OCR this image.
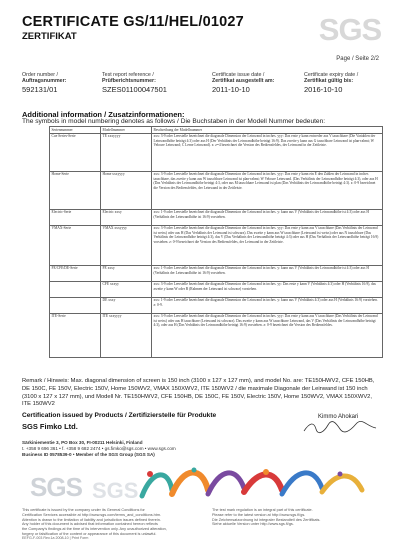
CERTIFICATE GS/11/HEL/01027
ZERTIFIKAT	SGS
Page / Seite 2/2
Order number /
Auftragsnummer:
592131/01
Test report reference /
Prüfberichtsnummer:
SZES01100047501
Certificate issue date /
Zertifikat ausgestellt am:
2011-10-10
Certificate expiry date /
Zertifikat gültig bis:
2016-10-10
Additional information / Zusatzinformationen:
The symbols in model numbering denotes as follows / Die Buchstaben in der Modell Nummer bedeuten:
Seriennummer	Modellnummer	Beschreibung der Modellnummer
Cue Series-Serie	TE xxxyyyy	xxx: 3-9 oder Leerstelle bezeichnet die diagonale Dimension der Leinwand in inches. yyy: Das erste y kann entweder aus V tauschbare (Die Variablen der Leinwandhöhe beträgt 4:3) oder aus H (Der Verhältnis der Leinwandhöhe beträgt 16:9). Das zweite y kann aus G tauschbare Leinwand ist plan-rahmt; W Veloure Leinwand; C Lerne Leinwand). z: z=4 bezeichnet die Version des Bediensfeldes, der Leinwand in der Zeitleiste.
Home-Serie	Home xxxyyyy	xxx: 3-9 oder Leerstelle bezeichnet die diagonale Dimension der Leinwand in inches. yyy: Das erste y kann ein E den Zahlen der Leinwand in inches tauschbare, das zweite y kann aus W tauschbare Leinwand ist plan-rahmt; W Veloure Leinwand. (Das Verhältnis der Leinwandhöhe beträgt 4:3), oder aus H (Das Verhältnis der Leinwandhöhe beträgt 4:3, oder aus M tauschbare Leinwand ist plan (Das Verhältnis der Leinwandhöhe beträgt 4:3). z: 0-9 bezeichnet die Version des Bediensfeldes, der Leinwand in der Zeitleiste.
Electric-Serie	Electric xxxy	xxx: 1-9 oder Leerstelle bezeichnet die diagonale Dimension der Leinwand in inches. y: kann aus V (Verhältnis der Leinwandhöhe ist 4:3) oder aus H (Verhältnis der Leinwandhöhe ist 16:9) vorstehen.
VMAX-Serie	VMAX xxxyyyy	xxx: 3-9 oder Leerstelle bezeichnet die diagonale Dimension der Leinwand in inches. yyy: Das erste y kann aus V tauschbare (Das Verhältnis der Leinwand ist weiss) oder aus H (Das Verhältnis der Leinwand ist schwarz). Das zweite y kann aus W tauschbare (Leinwand ist weiss) oder aus N tauschbare (Das Verhältnis der Leinwandhöhe beträgt 4:3), das V (Das Verhältnis der Leinwandhöhe beträgt 4:3) oder aus H (Das Verhältnis der Leinwandhöhe beträgt 16:9) vorstehen. z: 0-9 bezeichnet die Version des Bediensfeldes, der Leinwand in der Zeitleiste.
FE/CFE/DE-Serie	FE xxxy	xxx: 1-9 oder Leerstelle bezeichnet die diagonale Dimension der Leinwand in inches. y: kann aus V (Verhältnis der Leinwandhöhe ist 4:3) oder aus H (Verhältnis der Leinwandhöhe ist 16:9) vorstehen.
	CFE xxxyy	xxx: 3-9 oder Leerstelle bezeichnet die diagonale Dimension der Leinwand in inches. yy: Das erste y kann V (Verhältnis 4:3) oder H (Verhältnis 16:9), das zweite y kann W oder B (Rahmen der Leinwand ist schwarz) vorstehen.
	DE xxxy	xxx: 1-9 oder Leerstelle bezeichnet die diagonale Dimension der Leinwand in inches. y: kann aus V (Verhältnis 4:3) oder aus H (Verhältnis 16:9) vorstehen. z: 0-9.
ITE-Serie	ITE xxxyyyy	xxx: 3-9 oder Leerstelle bezeichnet die diagonale Dimension der Leinwand in inches. yyy: Das erste y kann aus V tauschbare (Das Verhältnis der Leinwand ist weiss) oder aus H tauschbare (Leinwand ist schwarz). Das zweite y kann aus W tauschbare Leinwand, das V (Das Verhältnis der Leinwandhöhe beträgt 4:3), oder aus H (Das Verhältnis der Leinwandhöhe beträgt 16:9) vorstehen. z: 0-9 bezeichnet die Version des Bediensfeldes.
Remark / Hinweis: Max. diagonal dimension of screen is 150 inch (3100 x 127 x 127 mm), and model No. are: TE150HWV2, CFE 150HB, DE 150C, FE 150V, Electric 150V, Home 150WV2, VMAX 150XWV2, ITE 150WV2 / die maximale Diagonale der Leinwand ist 150 inch (3100 x 127 x 127 mm), und Modell Nr. TE150HWV2, CFE 150HB, DE 150C, FE 150V, Electric 150V, Home 150WV2, VMAX 150XWV2, ITE 150WV2
Certification issued by Products / Zertifizierstelle für Produkte
SGS Fimko Ltd.
Kimmo Ahokari
Särkiniementie 3, PO Box 30, FI-00211 Helsinki, Finland
t. +358 9 696 361 • f. +358 9 682 2474 • gs.fimko@sgs.com • www.sgs.com
Business ID 0578539-0 • Member of the SGS Group (SGS SA)
SGS SGS
This certificate is issued by the company under its General Conditions for
Certification Services accessible at http://www.sgs.com/terms_and_conditions.htm.
Attention is drawn to the limitation of liability and jurisdiction issues defined therein.
Any holder of this document is advised that information contained hereon reflects
the Company's findings at the time of its intervention only. Any unauthorized alteration,
forgery or falsification of the content or appearance of this document is unlawful.
The test mark regulation is an integral part of this certificate.
Please refer to the latest version at http://www.sgs.fi/gs.
Die Zeichensatzordnung ist integraler Bestandteil des Zertifikats.
Siehe aktuelle Version unter http://www.sgs.fi/gs.
EEFG-F-003 Rev.1a 2008-10 | Print Form
